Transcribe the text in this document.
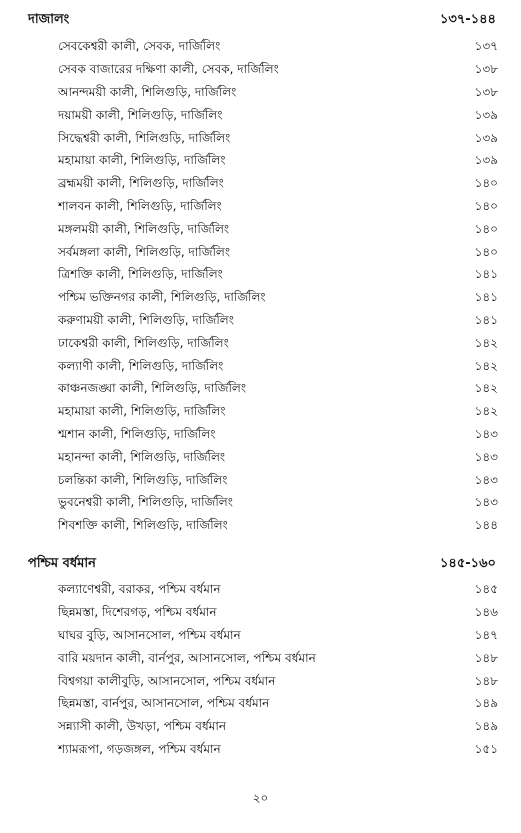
দাজালং	১৩৭-১৪৪
সেবকেশ্বরী কালী, সেবক, দার্জিলিং	১৩৭
সেবক বাজারের দক্ষিণা কালী, সেবক, দার্জিলিং	১৩৮
আনন্দময়ী কালী, শিলিগুড়ি, দার্জিলিং	১৩৮
দয়াময়ী কালী, শিলিগুড়ি, দার্জিলিং	১৩৯
সিদ্ধেশ্বরী কালী, শিলিগুড়ি, দার্জিলিং	১৩৯
মহামায়া কালী, শিলিগুড়ি, দার্জিলিং	১৩৯
ব্রহ্মময়ী কালী, শিলিগুড়ি, দার্জিলিং	১৪০
শালবন কালী, শিলিগুড়ি, দার্জিলিং	১৪০
মঙ্গলময়ী কালী, শিলিগুড়ি, দার্জিলিং	১৪০
সর্বমঙ্গলা কালী, শিলিগুড়ি, দার্জিলিং	১৪০
ত্রিশক্তি কালী, শিলিগুড়ি, দার্জিলিং	১৪১
পশ্চিম ভক্তিনগর কালী, শিলিগুড়ি, দার্জিলিং	১৪১
করুণাময়ী কালী, শিলিগুড়ি, দার্জিলিং	১৪১
ঢাকেশ্বরী কালী, শিলিগুড়ি, দার্জিলিং	১৪২
কল্যাণী কালী, শিলিগুড়ি, দার্জিলিং	১৪২
কাঞ্চনজঙ্ঘা কালী, শিলিগুড়ি, দার্জিলিং	১৪২
মহামায়া কালী, শিলিগুড়ি, দার্জিলিং	১৪২
শ্মশান কালী, শিলিগুড়ি, দার্জিলিং	১৪৩
মহানন্দা কালী, শিলিগুড়ি, দার্জিলিং	১৪৩
চলন্তিকা কালী, শিলিগুড়ি, দার্জিলিং	১৪৩
ভুবনেশ্বরী কালী, শিলিগুড়ি, দার্জিলিং	১৪৩
শিবশক্তি কালী, শিলিগুড়ি, দার্জিলিং	১৪৪
পশ্চিম বর্ধমান	১৪৫-১৬০
কল্যাণেশ্বরী, বরাকর, পশ্চিম বর্ধমান	১৪৫
ছিন্নমস্তা, দিশেরগড়, পশ্চিম বর্ধমান	১৪৬
ঘাঘর বুড়ি, আসানসোল, পশ্চিম বর্ধমান	১৪৭
বারি ময়দান কালী, বার্নপুর, আসানসোল, পশ্চিম বর্ধমান	১৪৮
বিশ্বগয়া কালীবুড়ি, আসানসোল, পশ্চিম বর্ধমান	১৪৮
ছিন্নমস্তা, বার্নপুর, আসানসোল, পশ্চিম বর্ধমান	১৪৯
সন্ন্যাসী কালী, উখড়া, পশ্চিম বর্ধমান	১৪৯
শ্যামরূপা, গড়জঙ্গল, পশ্চিম বর্ধমান	১৫১
২০
